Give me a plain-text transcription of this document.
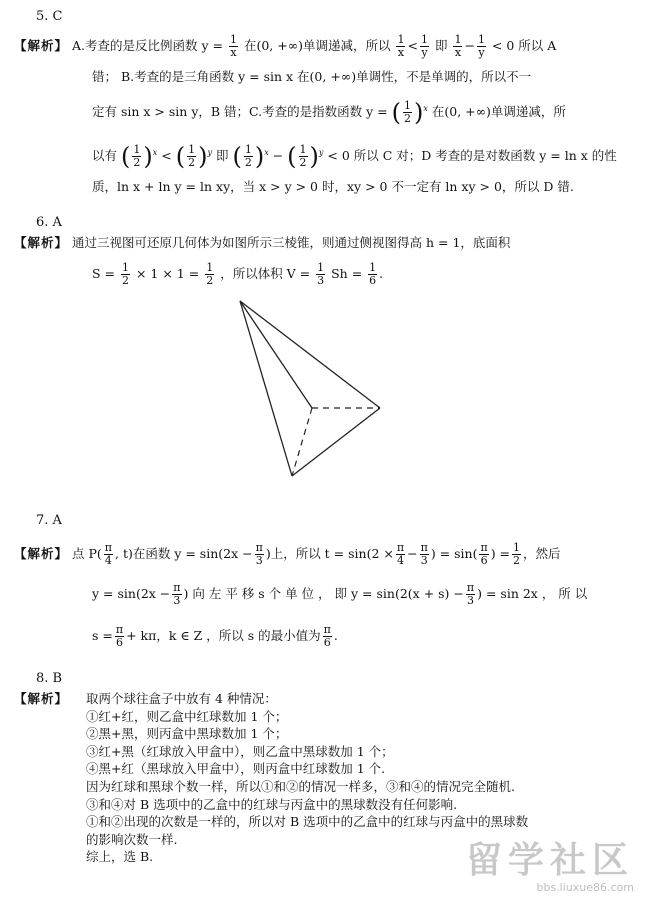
5. C
【解析】 A.考查的是反比例函数 $y = \frac{1}{x}$ 在(0, +∞)单调递减，所以 $\frac{1}{x} < \frac{1}{y}$ 即 $\frac{1}{x} - \frac{1}{y} < 0$ 所以 A
错； B.考查的是三角函数 y = sin x 在(0, +∞)单调性，不是单调的，所以不一
定有 sin x > sin y，B 错；C.考查的是指数函数 y = ( $\frac{1}{2} )^x$ 在(0, +∞)单调递减，所
以有 ( $\frac{1}{2} )^x$ < ( $\frac{1}{2} )^y$ 即 ( $\frac{1}{2} )^x$ − ( $\frac{1}{2} )^y < 0$ 所以 C 对；D 考查的是对数函数 y = ln x 的性
质，ln x + ln y = ln xy，当 x > y > 0 时，xy > 0 不一定有 ln xy > 0，所以 D 错.
6. A
【解析】 通过三视图可还原几何体为如图所示三棱锥，则通过侧视图得高 h = 1，底面积
$S = \frac{1}{2} \times 1 \times 1 = \frac{1}{2}$ ，所以体积 $V = \frac{1}{3}$ $Sh = \frac{1}{6}$ .
7. A
【解析】 点 $P( \frac{\pi}{4}$ , t)在函数 $y = \sin(2x - \frac{\pi}{3}$ )上，所以 $t = \sin(2 \times \frac{\pi}{4} - \frac{\pi}{3}$ ) = $\sin( \frac{\pi}{6}$ ) = $\frac{1}{2}$ ，然后
$y = \sin(2x - \frac{\pi}{3}$ ) 向 左 平 移 s 个 单 位 ， 即 $y = \sin(2(x + s) - \frac{\pi}{3}$ ) = sin 2x ， 所 以
$s = \frac{\pi}{6} + k\pi$，k ∈ Z ，所以 s 的最小值为 $\frac{\pi}{6}$ .
8. B
【解析】 取两个球往盒子中放有 4 种情况：
①红+红，则乙盒中红球数加 1 个；
②黑+黑，则丙盒中黑球数加 1 个；
③红+黑（红球放入甲盒中），则乙盒中黑球数加 1 个；
④黑+红（黑球放入甲盒中），则丙盒中红球数加 1 个.
因为红球和黑球个数一样，所以①和②的情况一样多，③和④的情况完全随机.
③和④对 B 选项中的乙盒中的红球与丙盒中的黑球数没有任何影响.
①和②出现的次数是一样的，所以对 B 选项中的乙盒中的红球与丙盒中的黑球数
的影响次数一样.
综上，选 B.	留学社区
bbs.liuxue86.com
